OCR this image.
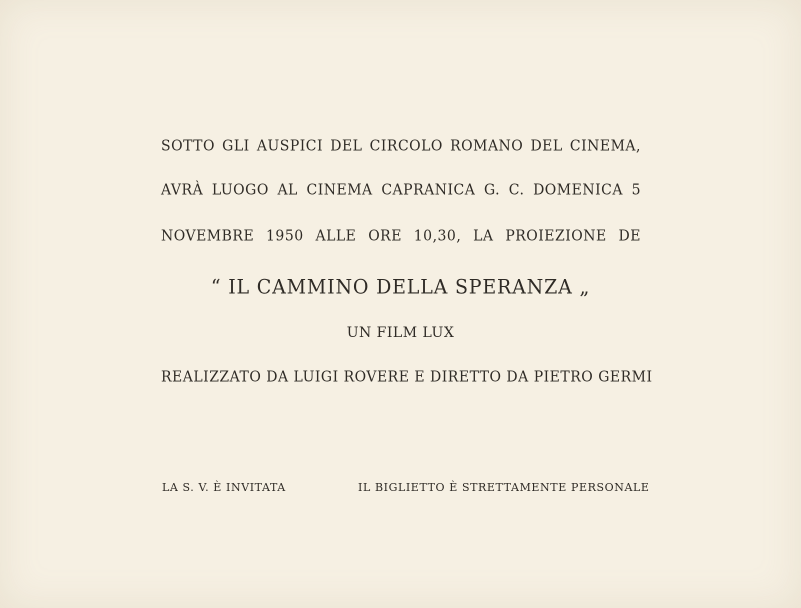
SOTTO GLI AUSPICI DEL CIRCOLO ROMANO DEL CINEMA,
AVRÀ LUOGO AL CINEMA CAPRANICA G. C. DOMENICA 5
NOVEMBRE 1950 ALLE ORE 10,30, LA PROIEZIONE DE
“ IL CAMMINO DELLA SPERANZA „
UN FILM LUX
REALIZZATO DA LUIGI ROVERE E DIRETTO DA PIETRO GERMI
LA S. V. È INVITATA	IL BIGLIETTO È STRETTAMENTE PERSONALE
